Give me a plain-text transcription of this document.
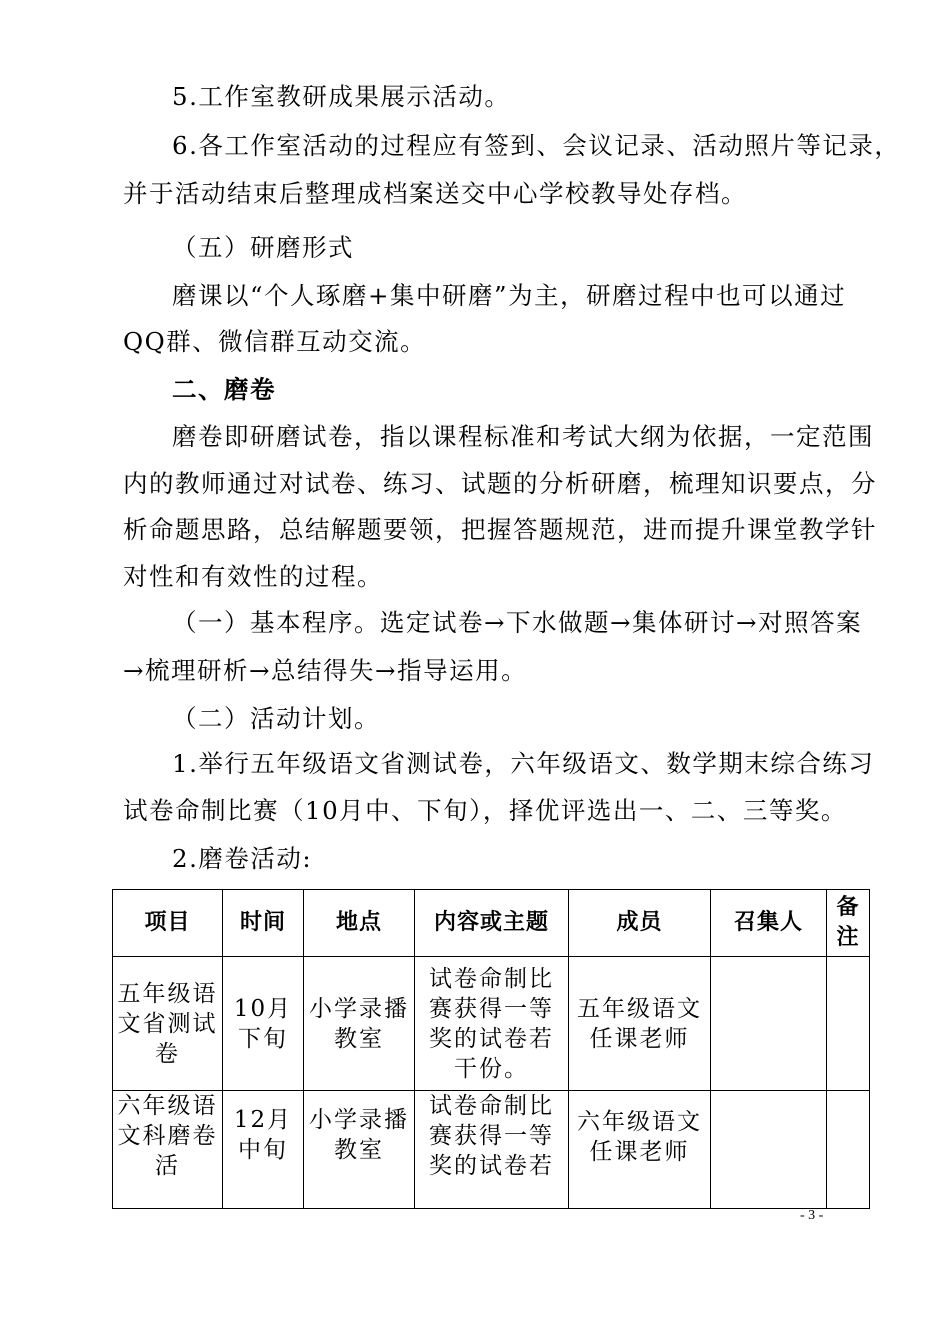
5.工作室教研成果展示活动。
6.各工作室活动的过程应有签到、会议记录、活动照片等记录，
并于活动结束后整理成档案送交中心学校教导处存档。
（五）研磨形式
磨课以“个人琢磨+集中研磨”为主，研磨过程中也可以通过
QQ群、微信群互动交流。
二、磨卷
磨卷即研磨试卷，指以课程标准和考试大纲为依据，一定范围
内的教师通过对试卷、练习、试题的分析研磨，梳理知识要点，分
析命题思路，总结解题要领，把握答题规范，进而提升课堂教学针
对性和有效性的过程。
（一）基本程序。选定试卷→下水做题→集体研讨→对照答案
→梳理研析→总结得失→指导运用。
（二）活动计划。
1.举行五年级语文省测试卷，六年级语文、数学期末综合练习
试卷命制比赛（10月中、下旬），择优评选出一、二、三等奖。
2.磨卷活动:
项目	时间	地点	内容或主题	成员	召集人	备注
五年级语文省测试卷	10月下旬	小学录播教室	试卷命制比赛获得一等奖的试卷若干份。	五年级语文任课老师		
六年级语文科磨卷活	12月中旬	小学录播教室	试卷命制比赛获得一等奖的试卷若	六年级语文任课老师		
- 3 -
